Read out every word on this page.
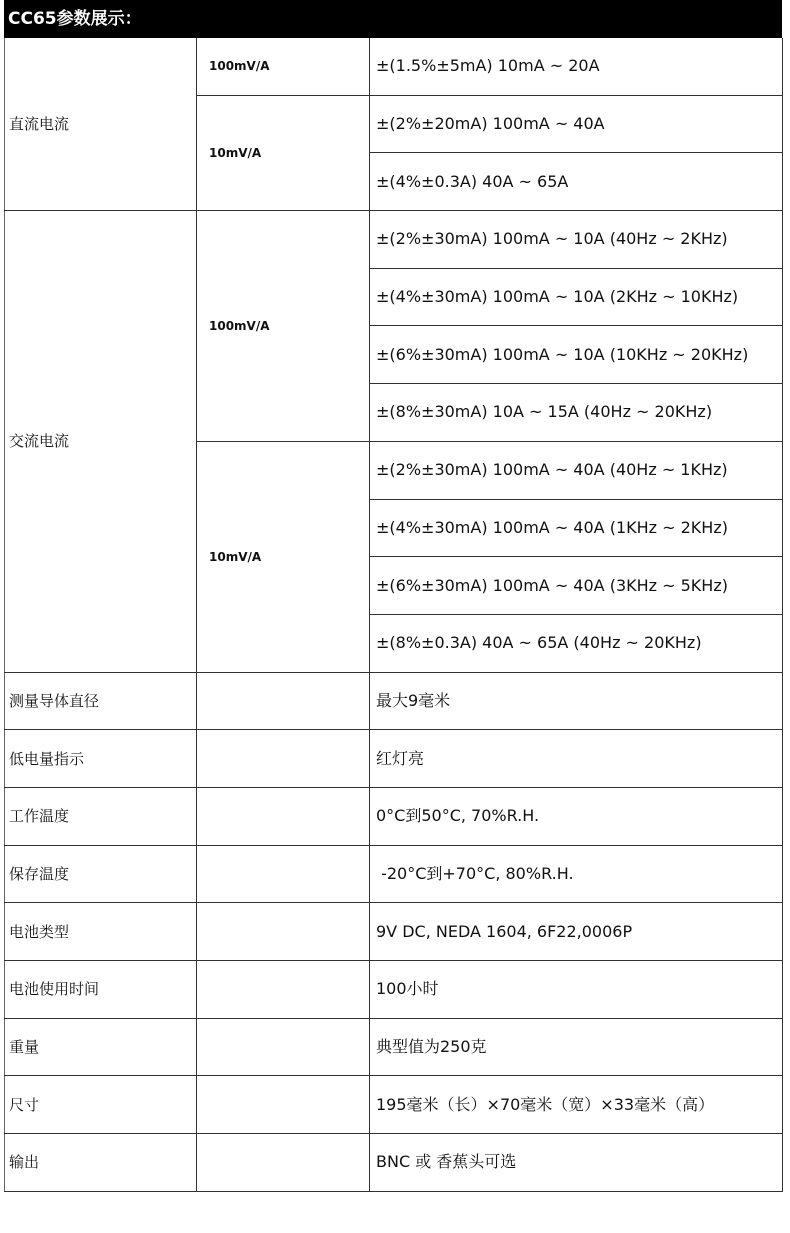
CC65参数展示：
直流电流	100mV/A	±(1.5%±5mA) 10mA ~ 20A
	10mV/A	±(2%±20mA) 100mA ~ 40A
		±(4%±0.3A) 40A ~ 65A
交流电流	100mV/A	±(2%±30mA) 100mA ~ 10A (40Hz ~ 2KHz)
		±(4%±30mA) 100mA ~ 10A (2KHz ~ 10KHz)
		±(6%±30mA) 100mA ~ 10A (10KHz ~ 20KHz)
		±(8%±30mA) 10A ~ 15A (40Hz ~ 20KHz)
	10mV/A	±(2%±30mA) 100mA ~ 40A (40Hz ~ 1KHz)
		±(4%±30mA) 100mA ~ 40A (1KHz ~ 2KHz)
		±(6%±30mA) 100mA ~ 40A (3KHz ~ 5KHz)
		±(8%±0.3A) 40A ~ 65A (40Hz ~ 20KHz)
测量导体直径		最大9毫米
低电量指示		红灯亮
工作温度		0°C到50°C, 70%R.H.
保存温度		-20°C到+70°C, 80%R.H.
电池类型		9V DC, NEDA 1604, 6F22,0006P
电池使用时间		100小时
重量		典型值为250克
尺寸		195毫米（长）×70毫米（宽）×33毫米（高）
输出		BNC 或 香蕉头可选
